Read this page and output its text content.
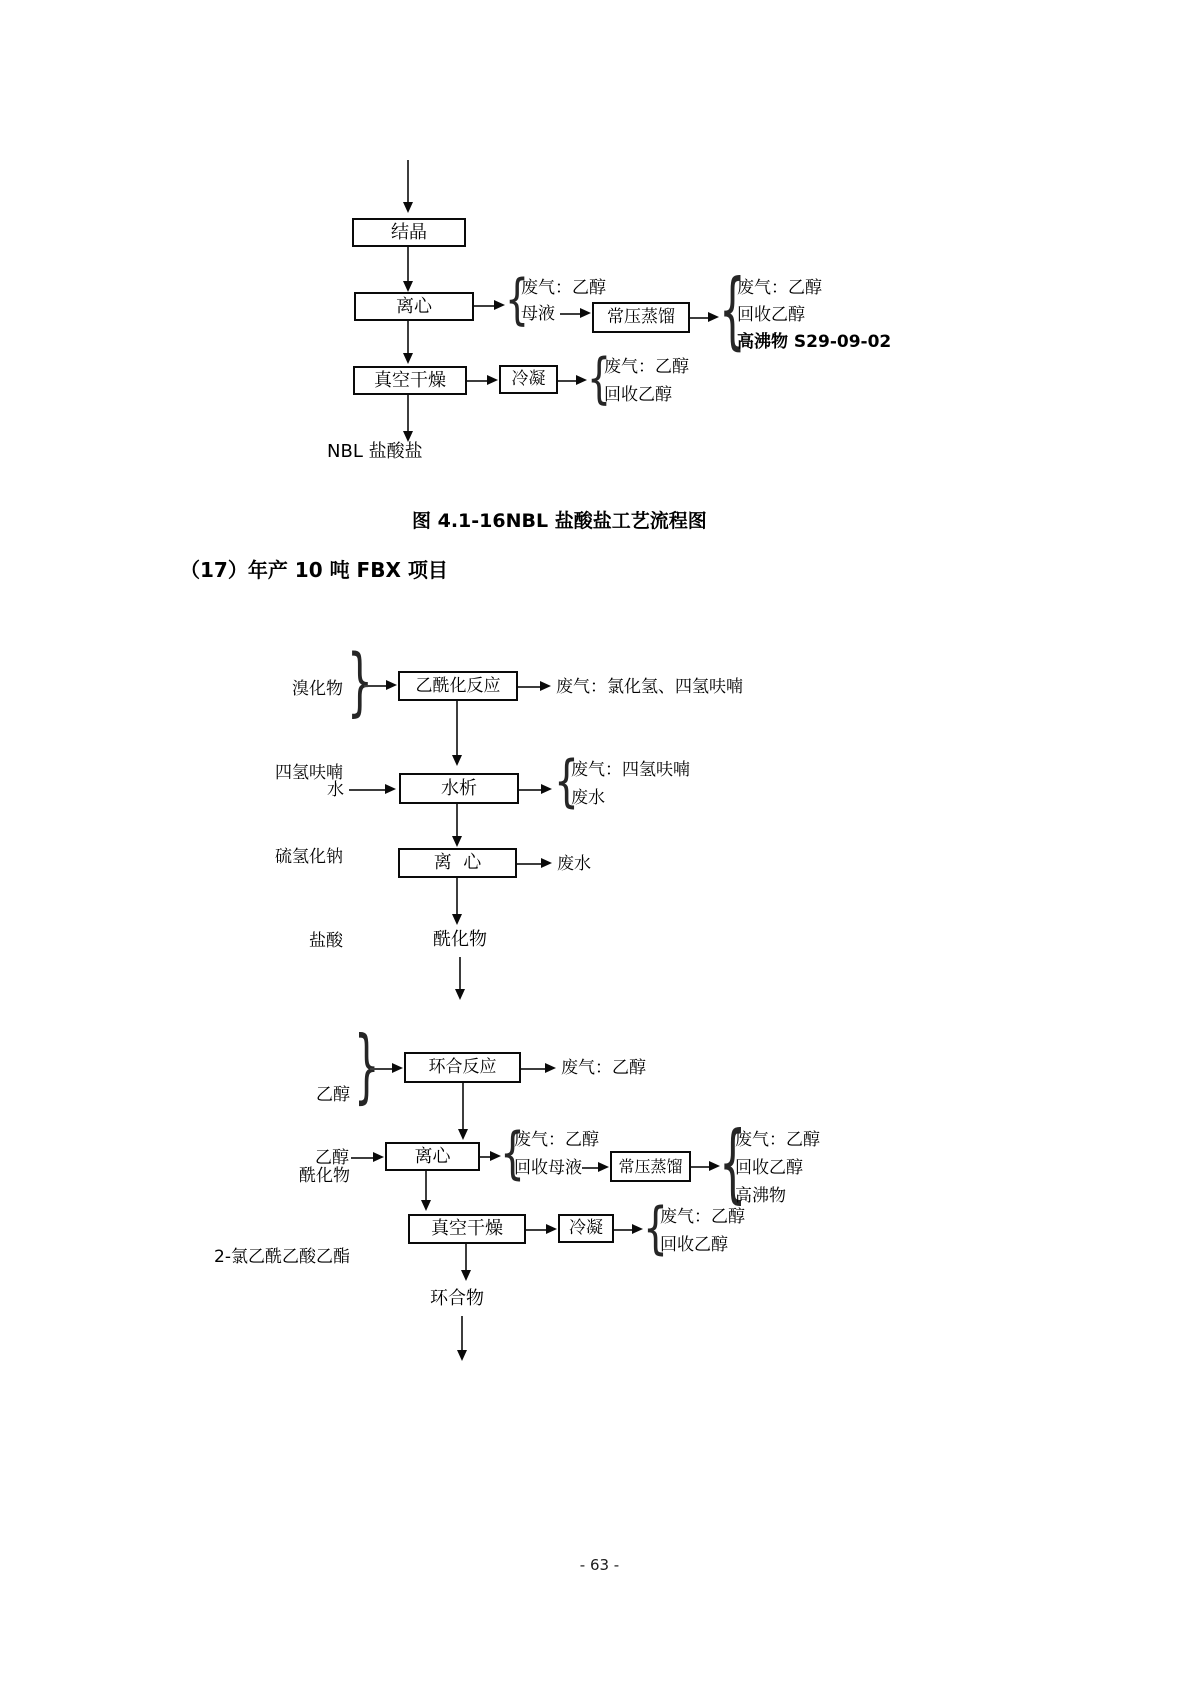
结晶
离心
{
废气：乙醇
母液	常压蒸馏
{
废气：乙醇
回收乙醇
高沸物 S29-09-02
真空干燥	冷凝
{
废气：乙醇
回收乙醇
NBL 盐酸盐
图 4.1-16NBL 盐酸盐工艺流程图
（17）年产 10 吨 FBX 项目

溴化物

四氢呋喃

硫氢化钠

盐酸

}
乙酰化反应	废气：氯化氢、四氢呋喃
水	水析
{
废气：四氢呋喃
废水
离  心	废水
酰化物

乙醇

酰化物

2-氯乙酰乙酸乙酯

}
环合反应	废气：乙醇
乙醇	离心
{
废气：乙醇
回收母液	常压蒸馏
{
废气：乙醇
回收乙醇
高沸物
真空干燥	冷凝
{
废气：乙醇
回收乙醇
环合物
- 63 -
